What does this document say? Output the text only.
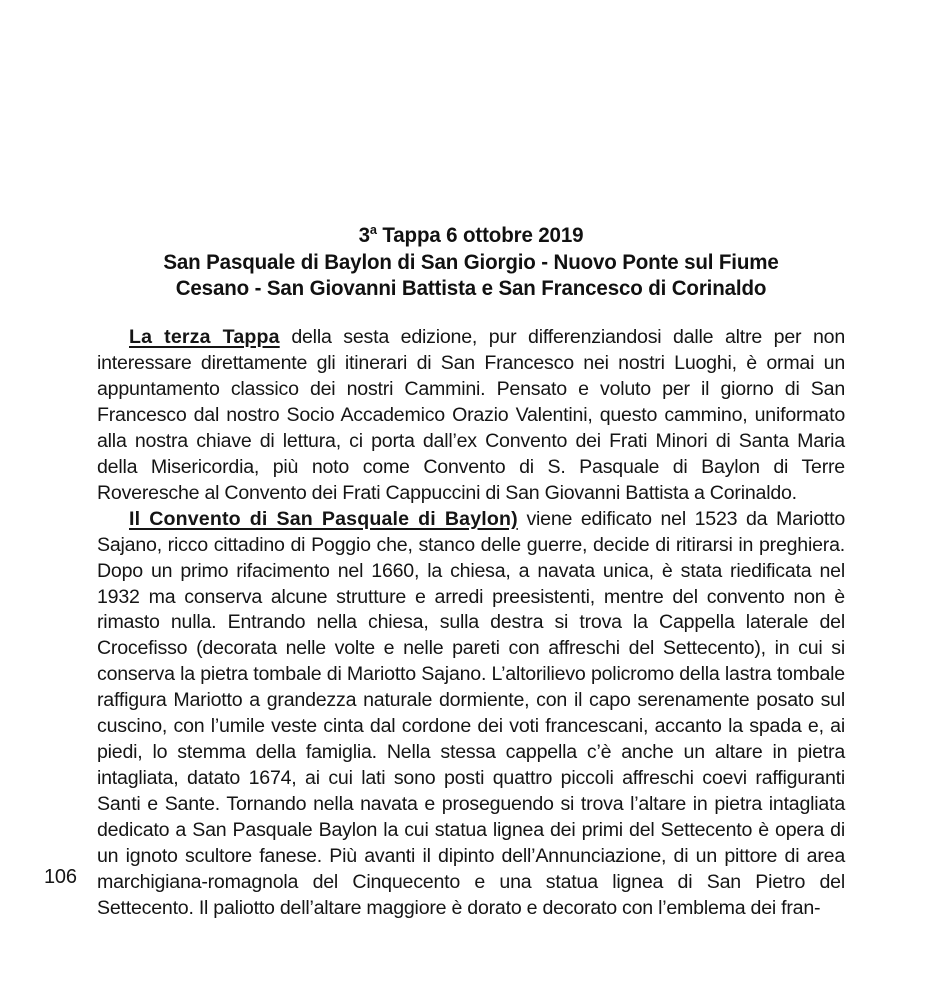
3$^a$ Tappa 6 ottobre 2019
San Pasquale di Baylon di San Giorgio - Nuovo Ponte sul Fiume
Cesano - San Giovanni Battista e San Francesco di Corinaldo

La terza Tappa della sesta edizione, pur differenziandosi dalle altre per non interessare direttamente gli itinerari di San Francesco nei nostri Luoghi, è ormai un appuntamento classico dei nostri Cammini. Pensato e voluto per il giorno di San Francesco dal nostro Socio Accademico Orazio Valentini, questo cammino, uniformato alla nostra chiave di lettura, ci porta dall’ex Convento dei Frati Minori di Santa Maria della Misericordia, più noto come Convento di S. Pasquale di Baylon di Terre Roveresche al Convento dei Frati Cappuccini di San Giovanni Battista a Corinaldo.

Il Convento di San Pasquale di Baylon) viene edificato nel 1523 da Mariotto Sajano, ricco cittadino di Poggio che, stanco delle guerre, decide di ritirarsi in preghiera. Dopo un primo rifacimento nel 1660, la chiesa, a navata unica, è stata riedificata nel 1932 ma conserva alcune strutture e arredi preesistenti, mentre del convento non è rimasto nulla. Entrando nella chiesa, sulla destra si trova la Cappella laterale del Crocefisso (decorata nelle volte e nelle pareti con affreschi del Settecento), in cui si conserva la pietra tombale di Mariotto Sajano. L’altorilievo policromo della lastra tombale raffigura Mariotto a grandezza naturale dormiente, con il capo serenamente posato sul cuscino, con l’umile veste cinta dal cordone dei voti francescani, accanto la spada e, ai piedi, lo stemma della famiglia. Nella stessa cappella c’è anche un altare in pietra intagliata, datato 1674, ai cui lati sono posti quattro piccoli affreschi coevi raffiguranti Santi e Sante. Tornando nella navata e proseguendo si trova l’altare in pietra intagliata dedicato a San Pasquale Baylon la cui statua lignea dei primi del Settecento è opera di un ignoto scultore fanese. Più avanti il dipinto dell’Annunciazione, di un pittore di area marchigiana-romagnola del Cinquecento e una statua lignea di San Pietro del Settecento. Il paliotto dell’altare maggiore è dorato e decorato con l’emblema dei fran-

106
